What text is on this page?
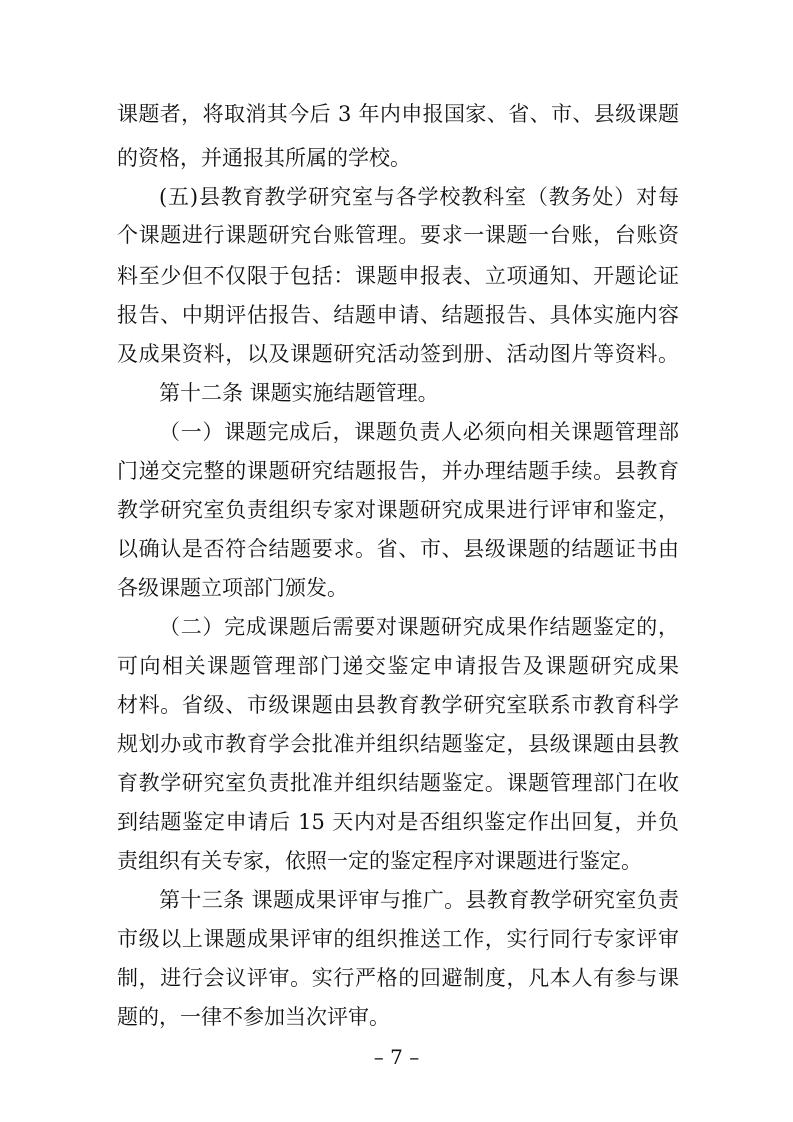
课题者，将取消其今后 3 年内申报国家、省、市、县级课题
的资格，并通报其所属的学校。
(五)县教育教学研究室与各学校教科室（教务处）对每
个课题进行课题研究台账管理。要求一课题一台账，台账资
料至少但不仅限于包括：课题申报表、立项通知、开题论证
报告、中期评估报告、结题申请、结题报告、具体实施内容
及成果资料，以及课题研究活动签到册、活动图片等资料。
第十二条 课题实施结题管理。
（一）课题完成后，课题负责人必须向相关课题管理部
门递交完整的课题研究结题报告，并办理结题手续。县教育
教学研究室负责组织专家对课题研究成果进行评审和鉴定，
以确认是否符合结题要求。省、市、县级课题的结题证书由
各级课题立项部门颁发。
（二）完成课题后需要对课题研究成果作结题鉴定的，
可向相关课题管理部门递交鉴定申请报告及课题研究成果
材料。省级、市级课题由县教育教学研究室联系市教育科学
规划办或市教育学会批准并组织结题鉴定，县级课题由县教
育教学研究室负责批准并组织结题鉴定。课题管理部门在收
到结题鉴定申请后 15 天内对是否组织鉴定作出回复，并负
责组织有关专家，依照一定的鉴定程序对课题进行鉴定。
第十三条 课题成果评审与推广。县教育教学研究室负责
市级以上课题成果评审的组织推送工作，实行同行专家评审
制，进行会议评审。实行严格的回避制度，凡本人有参与课
题的，一律不参加当次评审。
– 7 –
